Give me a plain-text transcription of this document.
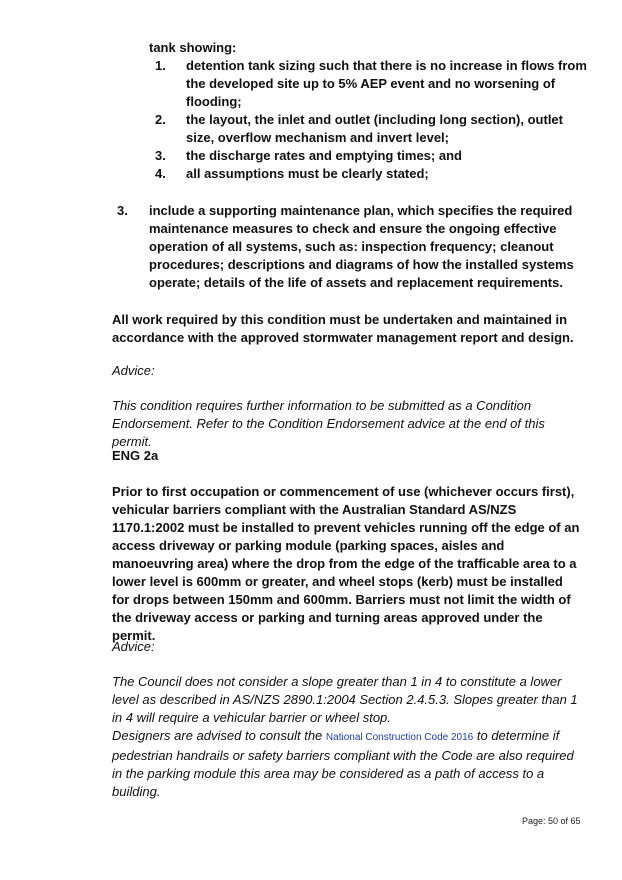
tank showing:
1. detention tank sizing such that there is no increase in flows from the developed site up to 5% AEP event and no worsening of flooding;
2. the layout, the inlet and outlet (including long section), outlet size, overflow mechanism and invert level;
3. the discharge rates and emptying times; and
4. all assumptions must be clearly stated;
3. include a supporting maintenance plan, which specifies the required maintenance measures to check and ensure the ongoing effective operation of all systems, such as: inspection frequency; cleanout procedures; descriptions and diagrams of how the installed systems operate; details of the life of assets and replacement requirements.
All work required by this condition must be undertaken and maintained in accordance with the approved stormwater management report and design.
Advice:
This condition requires further information to be submitted as a Condition Endorsement. Refer to the Condition Endorsement advice at the end of this permit.
ENG 2a
Prior to first occupation or commencement of use (whichever occurs first), vehicular barriers compliant with the Australian Standard AS/NZS 1170.1:2002 must be installed to prevent vehicles running off the edge of an access driveway or parking module (parking spaces, aisles and manoeuvring area) where the drop from the edge of the trafficable area to a lower level is 600mm or greater, and wheel stops (kerb) must be installed for drops between 150mm and 600mm. Barriers must not limit the width of the driveway access or parking and turning areas approved under the permit.
Advice:
The Council does not consider a slope greater than 1 in 4 to constitute a lower level as described in AS/NZS 2890.1:2004 Section 2.4.5.3. Slopes greater than 1 in 4 will require a vehicular barrier or wheel stop.
Designers are advised to consult the National Construction Code 2016 to determine if pedestrian handrails or safety barriers compliant with the Code are also required in the parking module this area may be considered as a path of access to a building.
Page: 50 of 65
